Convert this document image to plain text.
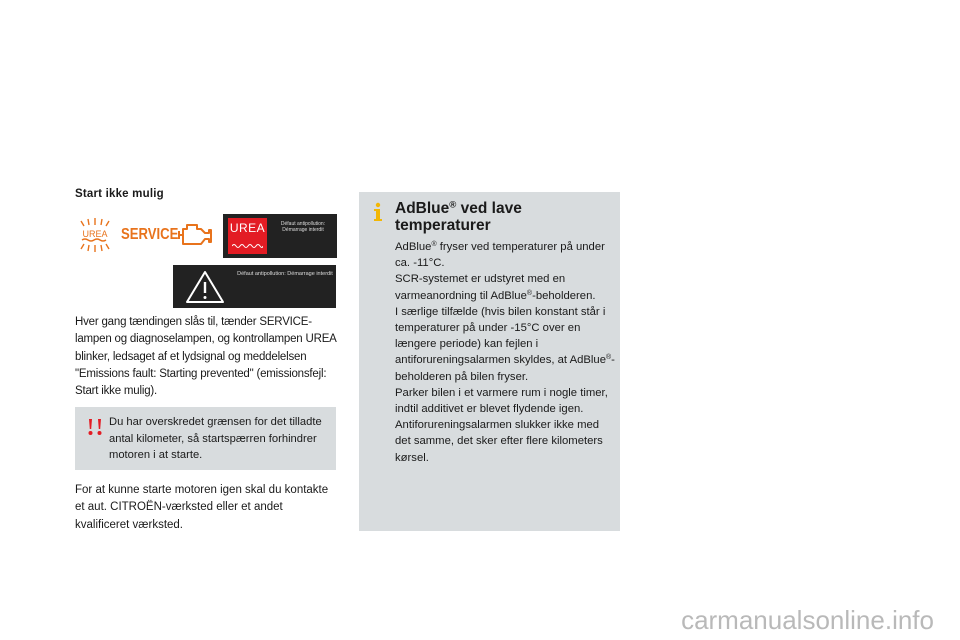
Start ikke mulig
UREA SERVICE	UREA	Défaut antipollution: Démarrage interdit
Défaut antipollution: Démarrage interdit

Hver gang tændingen slås til, tænder SERVICE-lampen og diagnoselampen, og kontrollampen UREA blinker, ledsaget af et lydsignal og meddelelsen "Emissions fault: Starting prevented" (emissionsfejl: Start ikke mulig).

Du har overskredet grænsen for det tilladte antal kilometer, så startspærren forhindrer motoren i at starte.

For at kunne starte motoren igen skal du kontakte et aut. CITROËN-værksted eller et andet kvalificeret værksted.

AdBlue® ved lave temperaturer
AdBlue® fryser ved temperaturer på under ca. -11°C.
SCR-systemet er udstyret med en varmeanordning til AdBlue®-beholderen.
I særlige tilfælde (hvis bilen konstant står i temperaturer på under -15°C over en længere periode) kan fejlen i antiforureningsalarmen skyldes, at AdBlue®-beholderen på bilen fryser.
Parker bilen i et varmere rum i nogle timer, indtil additivet er blevet flydende igen.
Antiforureningsalarmen slukker ikke med det samme, det sker efter flere kilometers kørsel.
carmanualsonline.info
